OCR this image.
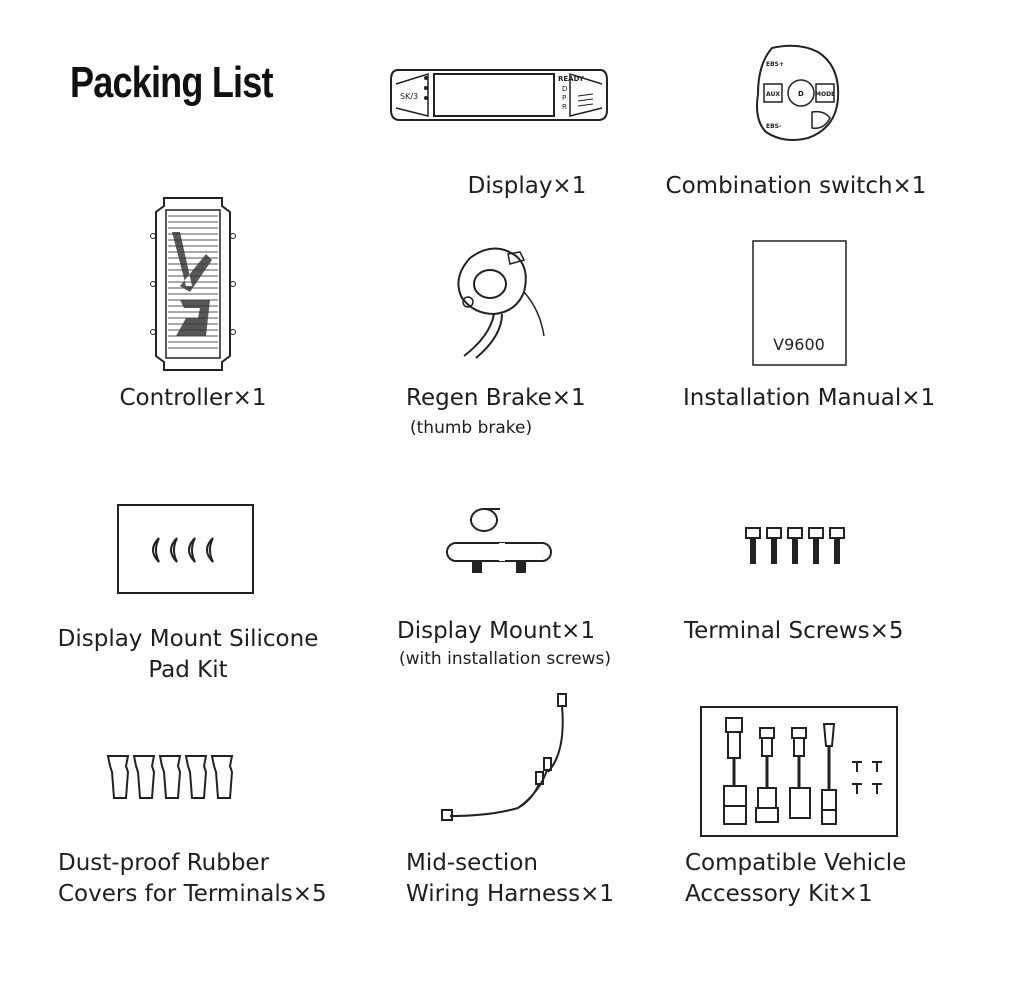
Packing List	SK/3
READY
D
P
R
Display×1
EBS+
AUX	D MODE
EBS-
Combination switch×1
Controller×1	Regen Brake×1
(thumb brake)
V9600
Installation Manual×1
Display Mount Silicone
Pad Kit
Display Mount×1
(with installation screws)
Terminal Screws×5
Dust-proof Rubber
Covers for Terminals×5
Mid-section
Wiring Harness×1
Compatible Vehicle
Accessory Kit×1
